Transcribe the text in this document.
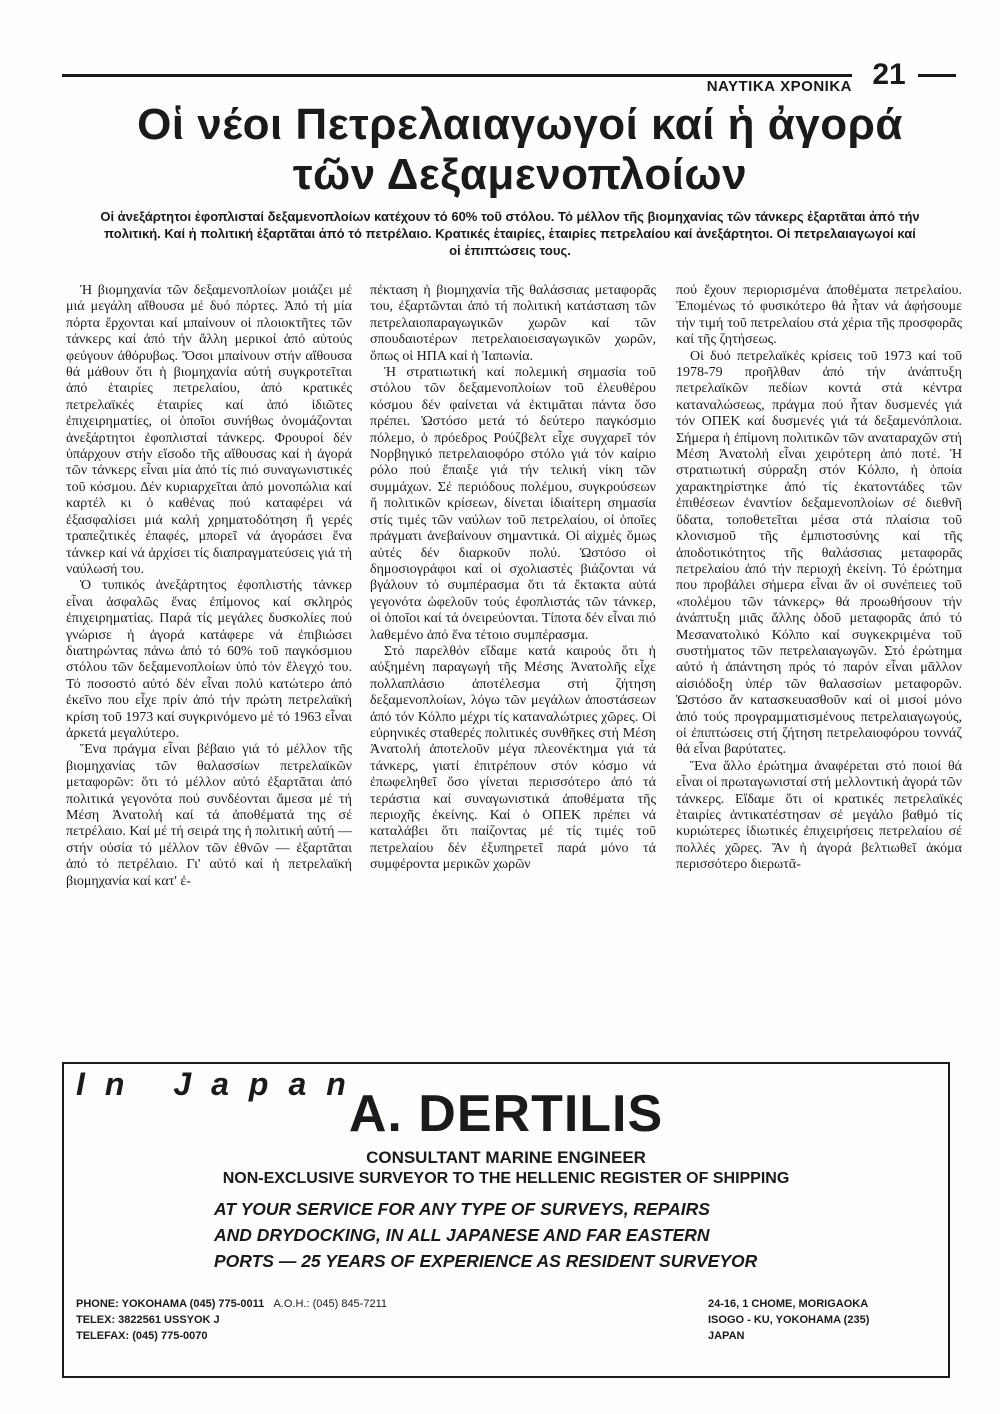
ΝΑΥΤΙΚΑ ΧΡΟΝΙΚΑ 21
Οἱ νέοι Πετρελαιαγωγοί καί ἡ ἀγορά
τῶν Δεξαμενοπλοίων
Οἱ ἀνεξάρτητοι ἐφοπλισταί δεξαμενοπλοίων κατέχουν τό 60% τοῦ στόλου. Τό μέλλον τῆς βιομηχανίας τῶν τάνκερς ἐξαρτᾶται ἀπό τήν πολιτική. Καί ἡ πολιτική ἐξαρτᾶται ἀπό τό πετρέλαιο. Κρατικές ἑταιρίες, ἑταιρίες πετρελαίου καί ἀνεξάρτητοι. Οἱ πετρελαιαγωγοί καί οἱ ἐπιπτώσεις τους.

Ἡ βιομηχανία τῶν δεξαμενοπλοίων μοιάζει μέ μιά μεγάλη αἴθουσα μέ δυό πόρτες. Ἀπό τή μία πόρτα ἔρχονται καί μπαίνουν οἱ πλοιοκτῆτες τῶν τάνκερς καί ἀπό τήν ἄλλη μερικοί ἀπό αὐτούς φεύγουν ἀθόρυβως. Ὅσοι μπαίνουν στήν αἴθουσα θά μάθουν ὅτι ἡ βιομηχανία αὐτή συγκροτεῖται ἀπό ἑταιρίες πετρελαίου, ἀπό κρατικές πετρελαϊκές ἑταιρίες καί ἀπό ἰδιῶτες ἐπιχειρηματίες, οἱ ὁποῖοι συνήθως ὀνομάζονται ἀνεξάρτητοι ἐφοπλισταί τάνκερς. Φρουροί δέν ὑπάρχουν στήν εἴσοδο τῆς αἴθουσας καί ἡ ἀγορά τῶν τάνκερς εἶναι μία ἀπό τίς πιό συναγωνιστικές τοῦ κόσμου. Δέν κυριαρχεῖται ἀπό μονοπώλια καί καρτέλ κι ὁ καθένας πού καταφέρει νά ἐξασφαλίσει μιά καλή χρηματοδότηση ἤ γερές τραπεζιτικές ἐπαφές, μπορεῖ νά ἀγοράσει ἕνα τάνκερ καί νά ἀρχίσει τίς διαπραγματεύσεις γιά τή ναύλωσή του.

Ὁ τυπικός ἀνεξάρτητος ἐφοπλιστής τάνκερ εἶναι ἀσφαλῶς ἕνας ἐπίμονος καί σκληρός ἐπιχειρηματίας. Παρά τίς μεγάλες δυσκολίες πού γνώρισε ἡ ἀγορά κατάφερε νά ἐπιβιώσει διατηρώντας πάνω ἀπό τό 60% τοῦ παγκόσμιου στόλου τῶν δεξαμενοπλοίων ὑπό τόν ἔλεγχό του. Τό ποσοστό αὐτό δέν εἶναι πολύ κατώτερο ἀπό ἐκεῖνο που εἶχε πρίν ἀπό τήν πρώτη πετρελαϊκή κρίση τοῦ 1973 καί συγκρινόμενο μέ τό 1963 εἶναι ἀρκετά μεγαλύτερο.

Ἕνα πράγμα εἶναι βέβαιο γιά τό μέλλον τῆς βιομηχανίας τῶν θαλασσίων πετρελαϊκῶν μεταφορῶν: ὅτι τό μέλλον αὐτό ἐξαρτᾶται ἀπό πολιτικά γεγονότα πού συνδέονται ἄμεσα μέ τή Μέση Ἀνατολή καί τά ἀποθέματά της σέ πετρέλαιο. Καί μέ τή σειρά της ἡ πολιτική αὐτή — στήν οὐσία τό μέλλον τῶν ἐθνῶν — ἐξαρτᾶται ἀπό τό πετρέλαιο. Γι' αὐτό καί ἡ πετρελαϊκή βιομηχανία καί κατ' ἐ-

πέκταση ἡ βιομηχανία τῆς θαλάσσιας μεταφορᾶς του, ἐξαρτῶνται ἀπό τή πολιτική κατάσταση τῶν πετρελαιοπαραγωγικῶν χωρῶν καί τῶν σπουδαιοτέρων πετρελαιοεισαγωγικῶν χωρῶν, ὅπως οἱ ΗΠΑ καί ἡ Ἰαπωνία.

Ἡ στρατιωτική καί πολεμική σημασία τοῦ στόλου τῶν δεξαμενοπλοίων τοῦ ἐλευθέρου κόσμου δέν φαίνεται νά ἐκτιμᾶται πάντα ὅσο πρέπει. Ὡστόσο μετά τό δεύτερο παγκόσμιο πόλεμο, ὁ πρόεδρος Ρούζβελτ εἶχε συγχαρεῖ τόν Νορβηγικό πετρελαιοφόρο στόλο γιά τόν καίριο ρόλο πού ἔπαιξε γιά τήν τελική νίκη τῶν συμμάχων. Σέ περιόδους πολέμου, συγκρούσεων ἤ πολιτικῶν κρίσεων, δίνεται ἰδιαίτερη σημασία στίς τιμές τῶν ναύλων τοῦ πετρελαίου, οἱ ὁποῖες πράγματι ἀνεβαίνουν σημαντικά. Οἱ αἰχμές ὅμως αὐτές δέν διαρκοῦν πολύ. Ὡστόσο οἱ δημοσιογράφοι καί οἱ σχολιαστές βιάζονται νά βγάλουν τό συμπέρασμα ὅτι τά ἔκτακτα αὐτά γεγονότα ὠφελοῦν τούς ἐφοπλιστάς τῶν τάνκερ, οἱ ὁποῖοι καί τά ὀνειρεύονται. Τίποτα δέν εἶναι πιό λαθεμένο ἀπό ἕνα τέτοιο συμπέρασμα.

Στό παρελθόν εἴδαμε κατά καιρούς ὅτι ἡ αὐξημένη παραγωγή τῆς Μέσης Ἀνατολῆς εἶχε πολλαπλάσιο ἀποτέλεσμα στή ζήτηση δεξαμενοπλοίων, λόγω τῶν μεγάλων ἀποστάσεων ἀπό τόν Κόλπο μέχρι τίς καταναλώτριες χῶρες. Οἱ εὐρηνικές σταθερές πολιτικές συνθῆκες στή Μέση Ἀνατολή ἀποτελοῦν μέγα πλεονέκτημα γιά τά τάνκερς, γιατί ἐπιτρέπουν στόν κόσμο νά ἐπωφεληθεῖ ὅσο γίνεται περισσότερο ἀπό τά τεράστια καί συναγωνιστικά ἀποθέματα τῆς περιοχῆς ἐκείνης. Καί ὁ ΟΠΕΚ πρέπει νά καταλάβει ὅτι παίζοντας μέ τίς τιμές τοῦ πετρελαίου δέν ἐξυπηρετεῖ παρά μόνο τά συμφέροντα μερικῶν χωρῶν

πού ἔχουν περιορισμένα ἀποθέματα πετρελαίου. Ἐπομένως τό φυσικότερο θά ἦταν νά ἀφήσουμε τήν τιμή τοῦ πετρελαίου στά χέρια τῆς προσφορᾶς καί τῆς ζητήσεως.

Οἱ δυό πετρελαϊκές κρίσεις τοῦ 1973 καί τοῦ 1978-79 προῆλθαν ἀπό τήν ἀνάπτυξη πετρελαϊκῶν πεδίων κοντά στά κέντρα καταναλώσεως, πράγμα πού ἦταν δυσμενές γιά τόν ΟΠΕΚ καί δυσμενές γιά τά δεξαμενόπλοια. Σήμερα ἡ ἐπίμονη πολιτικῶν τῶν αναταραχῶν στή Μέση Ἀνατολή εἶναι χειρότερη ἀπό ποτέ. Ἡ στρατιωτική σύρραξη στόν Κόλπο, ἡ ὁποία χαρακτηρίστηκε ἀπό τίς ἑκατοντάδες τῶν ἐπιθέσεων ἐναντίον δεξαμενοπλοίων σέ διεθνῆ ὕδατα, τοποθετεῖται μέσα στά πλαίσια τοῦ κλονισμοῦ τῆς ἐμπιστοσύνης καί τῆς ἀποδοτικότητος τῆς θαλάσσιας μεταφορᾶς πετρελαίου ἀπό τήν περιοχή ἐκείνη. Τό ἐρώτημα που προβάλει σήμερα εἶναι ἄν οἱ συνέπειες τοῦ «πολέμου τῶν τάνκερς» θά προωθήσουν τήν ἀνάπτυξη μιᾶς ἄλλης ὁδοῦ μεταφορᾶς ἀπό τό Μεσανατολικό Κόλπο καί συγκεκριμένα τοῦ συστήματος τῶν πετρελαιαγωγῶν. Στό ἐρώτημα αὐτό ἡ ἀπάντηση πρός τό παρόν εἶναι μᾶλλον αἰσιόδοξη ὑπέρ τῶν θαλασσίων μεταφορῶν. Ὡστόσο ἄν κατασκευασθοῦν καί οἱ μισοί μόνο ἀπό τούς προγραμματισμένους πετρελαιαγωγούς, οἱ ἐπιπτώσεις στή ζήτηση πετρελαιοφόρου τοννάζ θά εἶναι βαρύτατες.

Ἕνα ἄλλο ἐρώτημα ἀναφέρεται στό ποιοί θά εἶναι οἱ πρωταγωνισταί στή μελλοντική ἀγορά τῶν τάνκερς. Εἴδαμε ὅτι οἱ κρατικές πετρελαϊκές ἑταιρίες ἀντικατέστησαν σέ μεγάλο βαθμό τίς κυριώτερες ἰδιωτικές ἐπιχειρήσεις πετρελαίου σέ πολλές χῶρες. Ἄν ἡ ἀγορά βελτιωθεῖ ἀκόμα περισσότερο διερωτᾶ-

In Japan
A. DERTILIS
CONSULTANT MARINE ENGINEER
NON-EXCLUSIVE SURVEYOR TO THE HELLENIC REGISTER OF SHIPPING
AT YOUR SERVICE FOR ANY TYPE OF SURVEYS, REPAIRS
AND DRYDOCKING, IN ALL JAPANESE AND FAR EASTERN
PORTS — 25 YEARS OF EXPERIENCE AS RESIDENT SURVEYOR
PHONE: YOKOHAMA (045) 775-0011 A.O.H.: (045) 845-7211
TELEX: 3822561 USSYOK J
TELEFAX: (045) 775-0070
24-16, 1 CHOME, MORIGAOKA
ISOGO - KU, YOKOHAMA (235)
JAPAN
